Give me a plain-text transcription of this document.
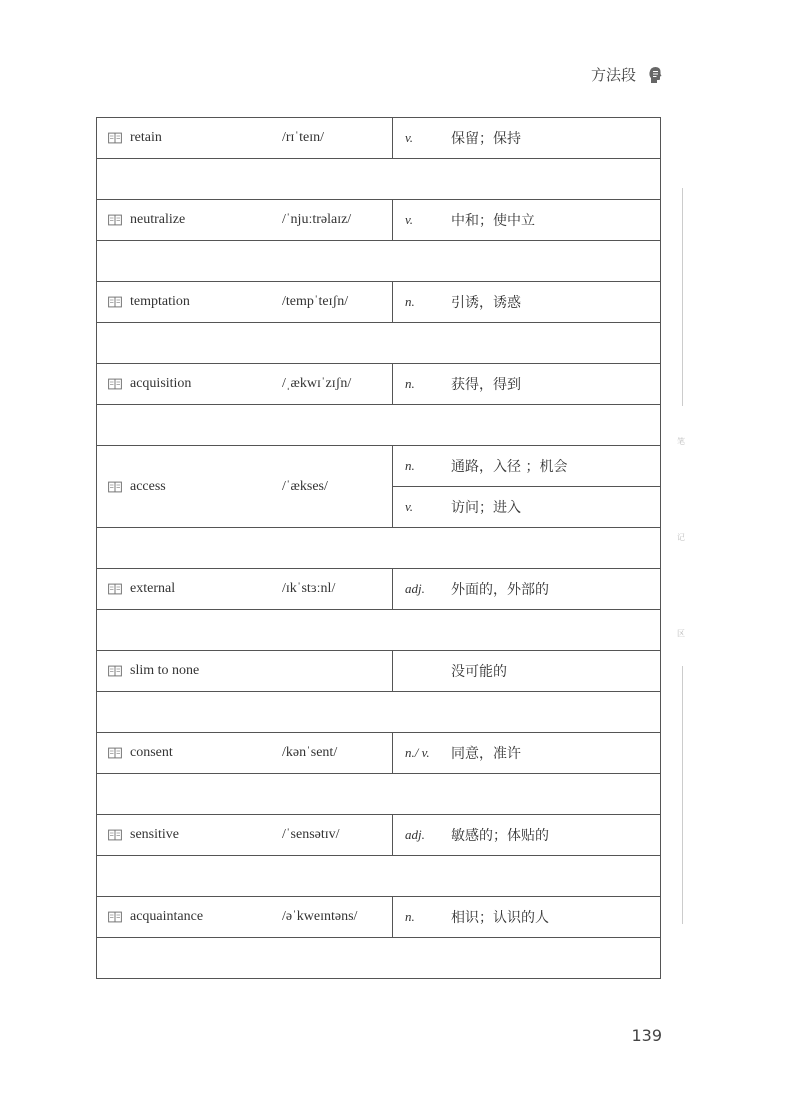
方法段
retain /rɪˈteɪn/	v. 保留；保持

neutralize /ˈnjuːtrəlaɪz/	v. 中和；使中立

temptation /tempˈteɪʃn/	n. 引诱，诱惑

acquisition /ˌækwɪˈzɪʃn/	n. 获得，得到

access /ˈækses/	n. 通路，入径 ；机会

	v. 访问；进入

external /ɪkˈstɜːnl/	adj. 外面的，外部的

slim to none	没可能的

consent /kənˈsent/	n./ v. 同意，准许

sensitive /ˈsensətɪv/	adj. 敏感的；体贴的

acquaintance /əˈkweɪntəns/	n. 相识；认识的人

笔
记
区
139
